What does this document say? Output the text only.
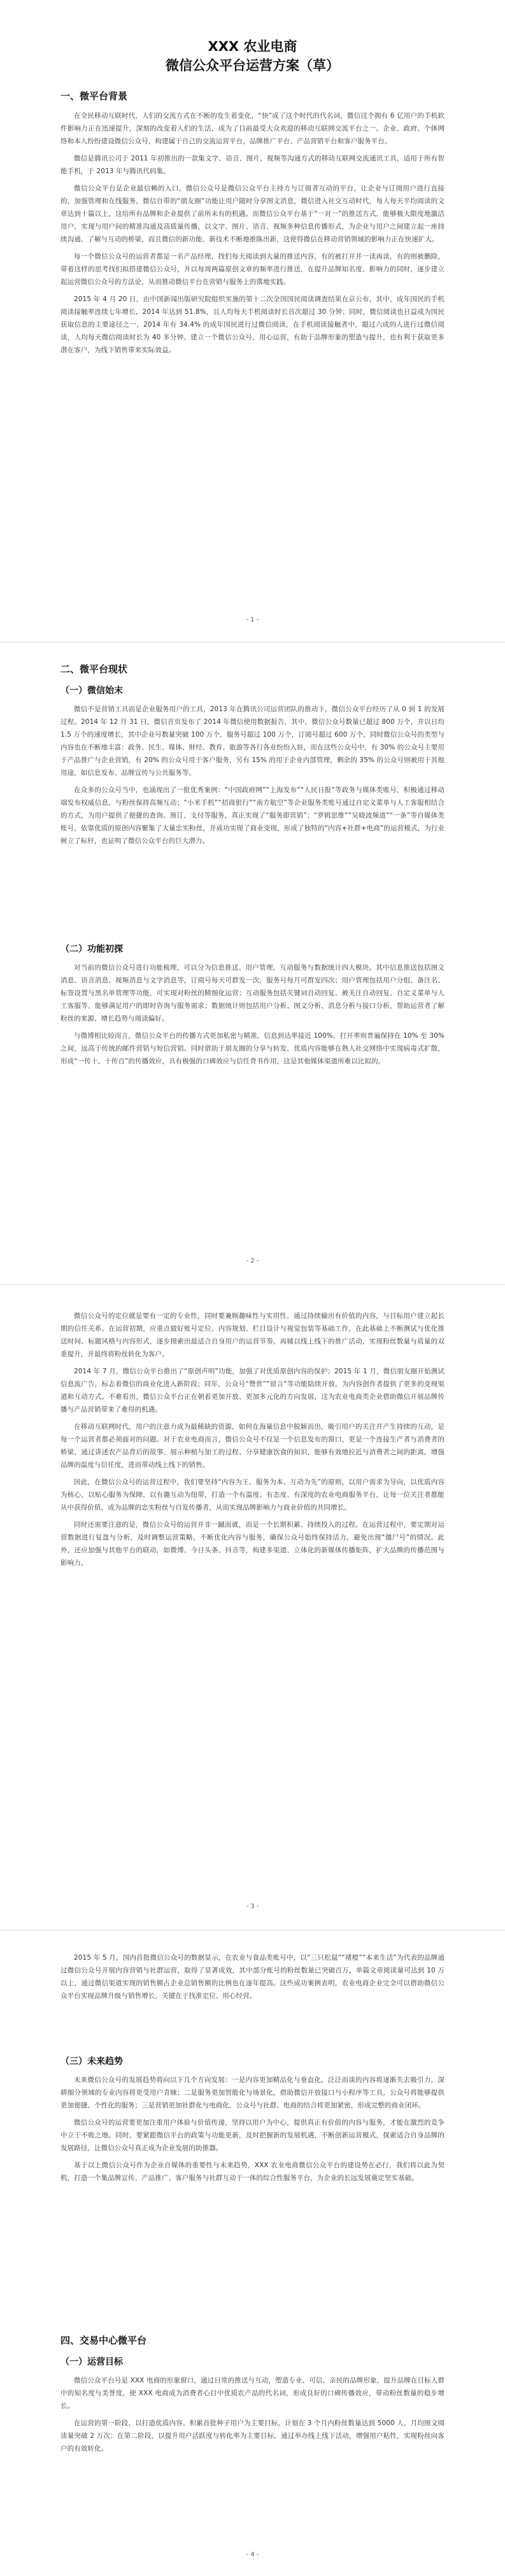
XXX 农业电商

微信公众平台运营方案（草）

一、微平台背景

在全民移动互联时代，人们的交流方式在不断的发生着变化，“快”成了这个时代的代名词，微信这个拥有 6 亿用户的手机软件影响力正在迅速提升，深刻的改变着人们的生活，成为了目前最受大众欢迎的移动互联网交流平台之一。企业、政府、个体网络和本人纷纷建设微信公众号，构建属于自己的交流运营平台，品牌推广平台、产品营销平台和客户服务平台。

微信是腾讯公司于 2011 年初推出的一款集文字、语音、图片、视频等沟通方式的移动互联网交流通讯工具，适用于所有智能手机，于 2013 年与腾讯代码集。

微信公众平台是企业最信赖的入口，微信公众号是微信公众平台主持方与订阅者互动的平台，让企业与订阅用户进行直接的，加强管理和在线服务，微信自带的“朋友圈”功能让用户随时分享图文消息，微信进入社交互动时代，每人每天平均阅读的文章达到十篇以上，这给所有品牌和企业提供了前所未有的机遇。而微信公众平台基于“一对一”的推送方式，能够极大限度地激活用户，实现与用户间的精准沟通及高质量传播，以文字、图片、语音、视频多种信息传播形式，为企业与用户之间建立起一座持续沟通、了解与互动的桥梁，而且微信的新功能、新技术不断地推陈出新，这使得微信在移动营销领域的影响力正在快速扩大。

每一个微信公众号的运营者都是一名产品经理，找们每天阅读到大量的推送内容，有的被打开并一读再读，有的则被删除，带着这样的思考找们拟搭建微信公众号，并以每周两篇原创文章的频率进行推送，在提升品牌知名度、影响力的同时，逐步建立起运营微信公众号的方法论，从而推动微信平台在营销与服务上的落地实践。

2015 年 4 月 20 日，由中国新闻出版研究院组织实施的第十二次全国国民阅读调查结果在京公布，其中，成年国民的手机阅读接触率连续七年增长，2014 年达到 51.8%，且人均每天手机阅读时长首次超过 30 分钟；同时，微信阅读也日益成为国民获取信息的主要途径之一，2014 年有 34.4% 的成年国民进行过微信阅读，在手机阅读接触者中，超过六成的人进行过微信阅读，人均每天微信阅读时长为 40 多分钟。建立一个微信公众号，用心运营，有助于品牌形象的塑造与提升，也有利于获取更多潜在客户，为线下销售带来实际效益。

- 1 -

二、微平台现状

（一）微信始末

微信不是营销工具而是企业服务用户的工具，2013 年在腾讯公司运营团队的推动下，微信公众平台经历了从 0 到 1 的发展过程。2014 年 12 月 31 日，微信首页发布了 2014 年微信使用数据报告，其中，微信公众号数量已超过 800 万个，并以日均 1.5 万个的速度增长，其中企业号数量突破 100 万个，服务号超过 100 万个，订阅号超过 600 万个，同时微信公众号的类型与内容也在不断地丰富：政务、民生、媒体、财经、教育、旅游等各行各业纷纷入驻，而在这些公众号中，有 30% 的公众号主要用于产品推广与企业营销，有 20% 的公众号用于客户服务，另有 15% 的用于企业内部管理，剩余的 35% 的公众号则被用于其他用途，如信息发布、品牌宣传与公共服务等。

在众多的公众号当中，也涌现出了一批优秀案例：“中国政府网”“上海发布”“人民日报”等政务与媒体类账号，积极通过移动端发布权威信息，与粉丝保持高频互动；“小米手机”“招商银行”“南方航空”等企业服务类账号通过自定义菜单与人工客服相结合的方式，为用户提供了便捷的查询、预订、支付等服务，真正实现了“服务即营销”；“罗辑思维”“吴晓波频道”“一条”等自媒体类账号，依靠优质的原创内容聚集了大量忠实粉丝，并成功实现了商业变现，形成了独特的“内容+社群+电商”的运营模式，为行业树立了标杆，也证明了微信公众平台的巨大潜力。

（二）功能初探

对当前的微信公众号进行功能梳理，可以分为信息推送、用户管理、互动服务与数据统计四大模块。其中信息推送包括图文消息、语音消息、视频消息与文字消息等，订阅号每天可群发一次，服务号每月可群发四次；用户管理包括用户分组、备注名、标签设置与黑名单管理等功能，可实现对粉丝的精细化运营；互动服务包括关键词自动回复、被关注自动回复、自定义菜单与人工客服等，能够满足用户的即时咨询与服务需求；数据统计则包括用户分析、图文分析、消息分析与接口分析，帮助运营者了解粉丝的来源、增长趋势与阅读偏好。

与微博相比较而言，微信公众平台的传播方式更加私密与精准，信息到达率接近 100%，打开率则普遍保持在 10% 至 30% 之间，远高于传统的邮件营销与短信营销。同时借助于朋友圈的分享与转发，优质内容能够在熟人社交网络中实现病毒式扩散，形成“一传十、十传百”的传播效应，具有极强的口碑效应与信任背书作用，这是其他媒体渠道所难以比拟的。

- 2 -

微信公众号的定位就是要有一定的专业性，同时要兼顾趣味性与实用性，通过持续输出有价值的内容，与目标用户建立起长期的信任关系。在运营初期，应重点做好账号定位、内容规划、栏目设计与视觉包装等基础工作，在此基础上不断测试与优化推送时间、标题风格与内容形式，逐步摸索出最适合自身用户的运营节奏，再辅以线上线下的推广活动，实现粉丝数量与质量的双重提升，并最终将粉丝转化为客户。

2014 年 7 月，微信公众平台推出了“原创声明”功能，加强了对优质原创内容的保护；2015 年 1 月，微信朋友圈开始测试信息流广告，标志着微信的商业化进入新阶段；同年，公众号“赞赏”“留言”等功能陆续开放，为内容创作者提供了更多的变现渠道和互动方式。不难看出，微信公众平台正在朝着更加开放、更加多元化的方向发展，这为农业电商类企业借助微信开展品牌传播与产品营销带来了难得的机遇。

在移动互联网时代，用户的注意力成为最稀缺的资源，如何在海量信息中脱颖而出，吸引用户的关注并产生持续的互动，是每一个运营者都必须面对的问题。对于农业电商而言，微信公众号不仅是一个信息发布的窗口，更是一个连接生产者与消费者的桥梁，通过讲述农产品背后的故事、展示种植与加工的过程、分享健康饮食的知识，能够有效地拉近与消费者之间的距离，增强品牌的温度与信任度，进而带动线上线下的销售。

因此，在微信公众号的运营过程中，我们要坚持“内容为王、服务为本、互动为先”的原则，以用户需求为导向，以优质内容为核心，以贴心服务为保障，以有趣互动为纽带，打造一个有温度、有态度、有深度的农业电商服务平台，让每一位关注者都能从中获得价值，成为品牌的忠实粉丝与自发传播者，从而实现品牌影响力与商业价值的共同增长。

同时还需要注意的是，微信公众号的运营并非一蹴而就，而是一个长期积累、持续投入的过程。在运营过程中，要定期对运营数据进行复盘与分析，及时调整运营策略，不断优化内容与服务，确保公众号始终保持活力，避免出现“僵尸号”的情况。此外，还应加强与其他平台的联动，如微博、今日头条、抖音等，构建多渠道、立体化的新媒体传播矩阵，扩大品牌的传播范围与影响力。

- 3 -

2015 年 5 月，国内首批微信公众号的数据显示，在农业与食品类账号中，以“三只松鼠”“褚橙”“本来生活”为代表的品牌通过微信公众号开展内容营销与社群运营，取得了显著成效，其中部分账号的粉丝数量已突破百万，单篇文章阅读量可达到 10 万以上，通过微信渠道实现的销售额占企业总销售额的比例也在逐年提高。这些成功案例表明，农业电商企业完全可以借助微信公众平台实现品牌升级与销售增长，关键在于找准定位、用心经营。

（三）未来趋势

未来微信公众号的发展趋势将向以下几个方向发展：一是内容更加精品化与垂直化，泛泛而谈的内容将逐渐失去吸引力，深耕细分领域的专业内容将更受用户青睐；二是服务更加智能化与场景化，借助微信开放接口与小程序等工具，公众号将能够提供更加便捷、个性化的服务；三是营销更加社群化与电商化，公众号与社群、电商的结合将更加紧密，形成完整的商业闭环。

微信公众号的运营要更加注重用户体验与价值传递，坚持以用户为中心，提供真正有价值的内容与服务，才能在激烈的竞争中立于不败之地。同时，要紧跟微信平台的政策与功能更新，及时把握新的发展机遇，不断创新运营模式，探索适合自身品牌的发展路径，让微信公众号真正成为企业发展的助推器。

基于以上微信公众号作为企业自媒体的重要性与未来趋势，XXX 农业电商微信公众平台的建设势在必行，我们将以此为契机，打造一个集品牌宣传、产品推广、客户服务与社群互动于一体的综合性服务平台，为企业的长远发展奠定坚实基础。

四、交易中心微平台

（一）运营目标

微信公众平台号是 XXX 电商的形象窗口，通过日常的推送与互动，塑造专业、可信、亲民的品牌形象，提升品牌在目标人群中的知名度与美誉度，使 XXX 电商成为消费者心目中优质农产品的代名词，形成良好的口碑传播效应，带动粉丝数量的稳步增长。

在运营的第一阶段，以打造优质内容、积累首批种子用户为主要目标，计划在 3 个月内粉丝数量达到 5000 人，月均图文阅读量突破 2 万次；在第二阶段，以提升用户活跃度与转化率为主要目标，通过举办线上线下活动，增强用户粘性，实现粉丝向客户的有效转化。

- 4 -
